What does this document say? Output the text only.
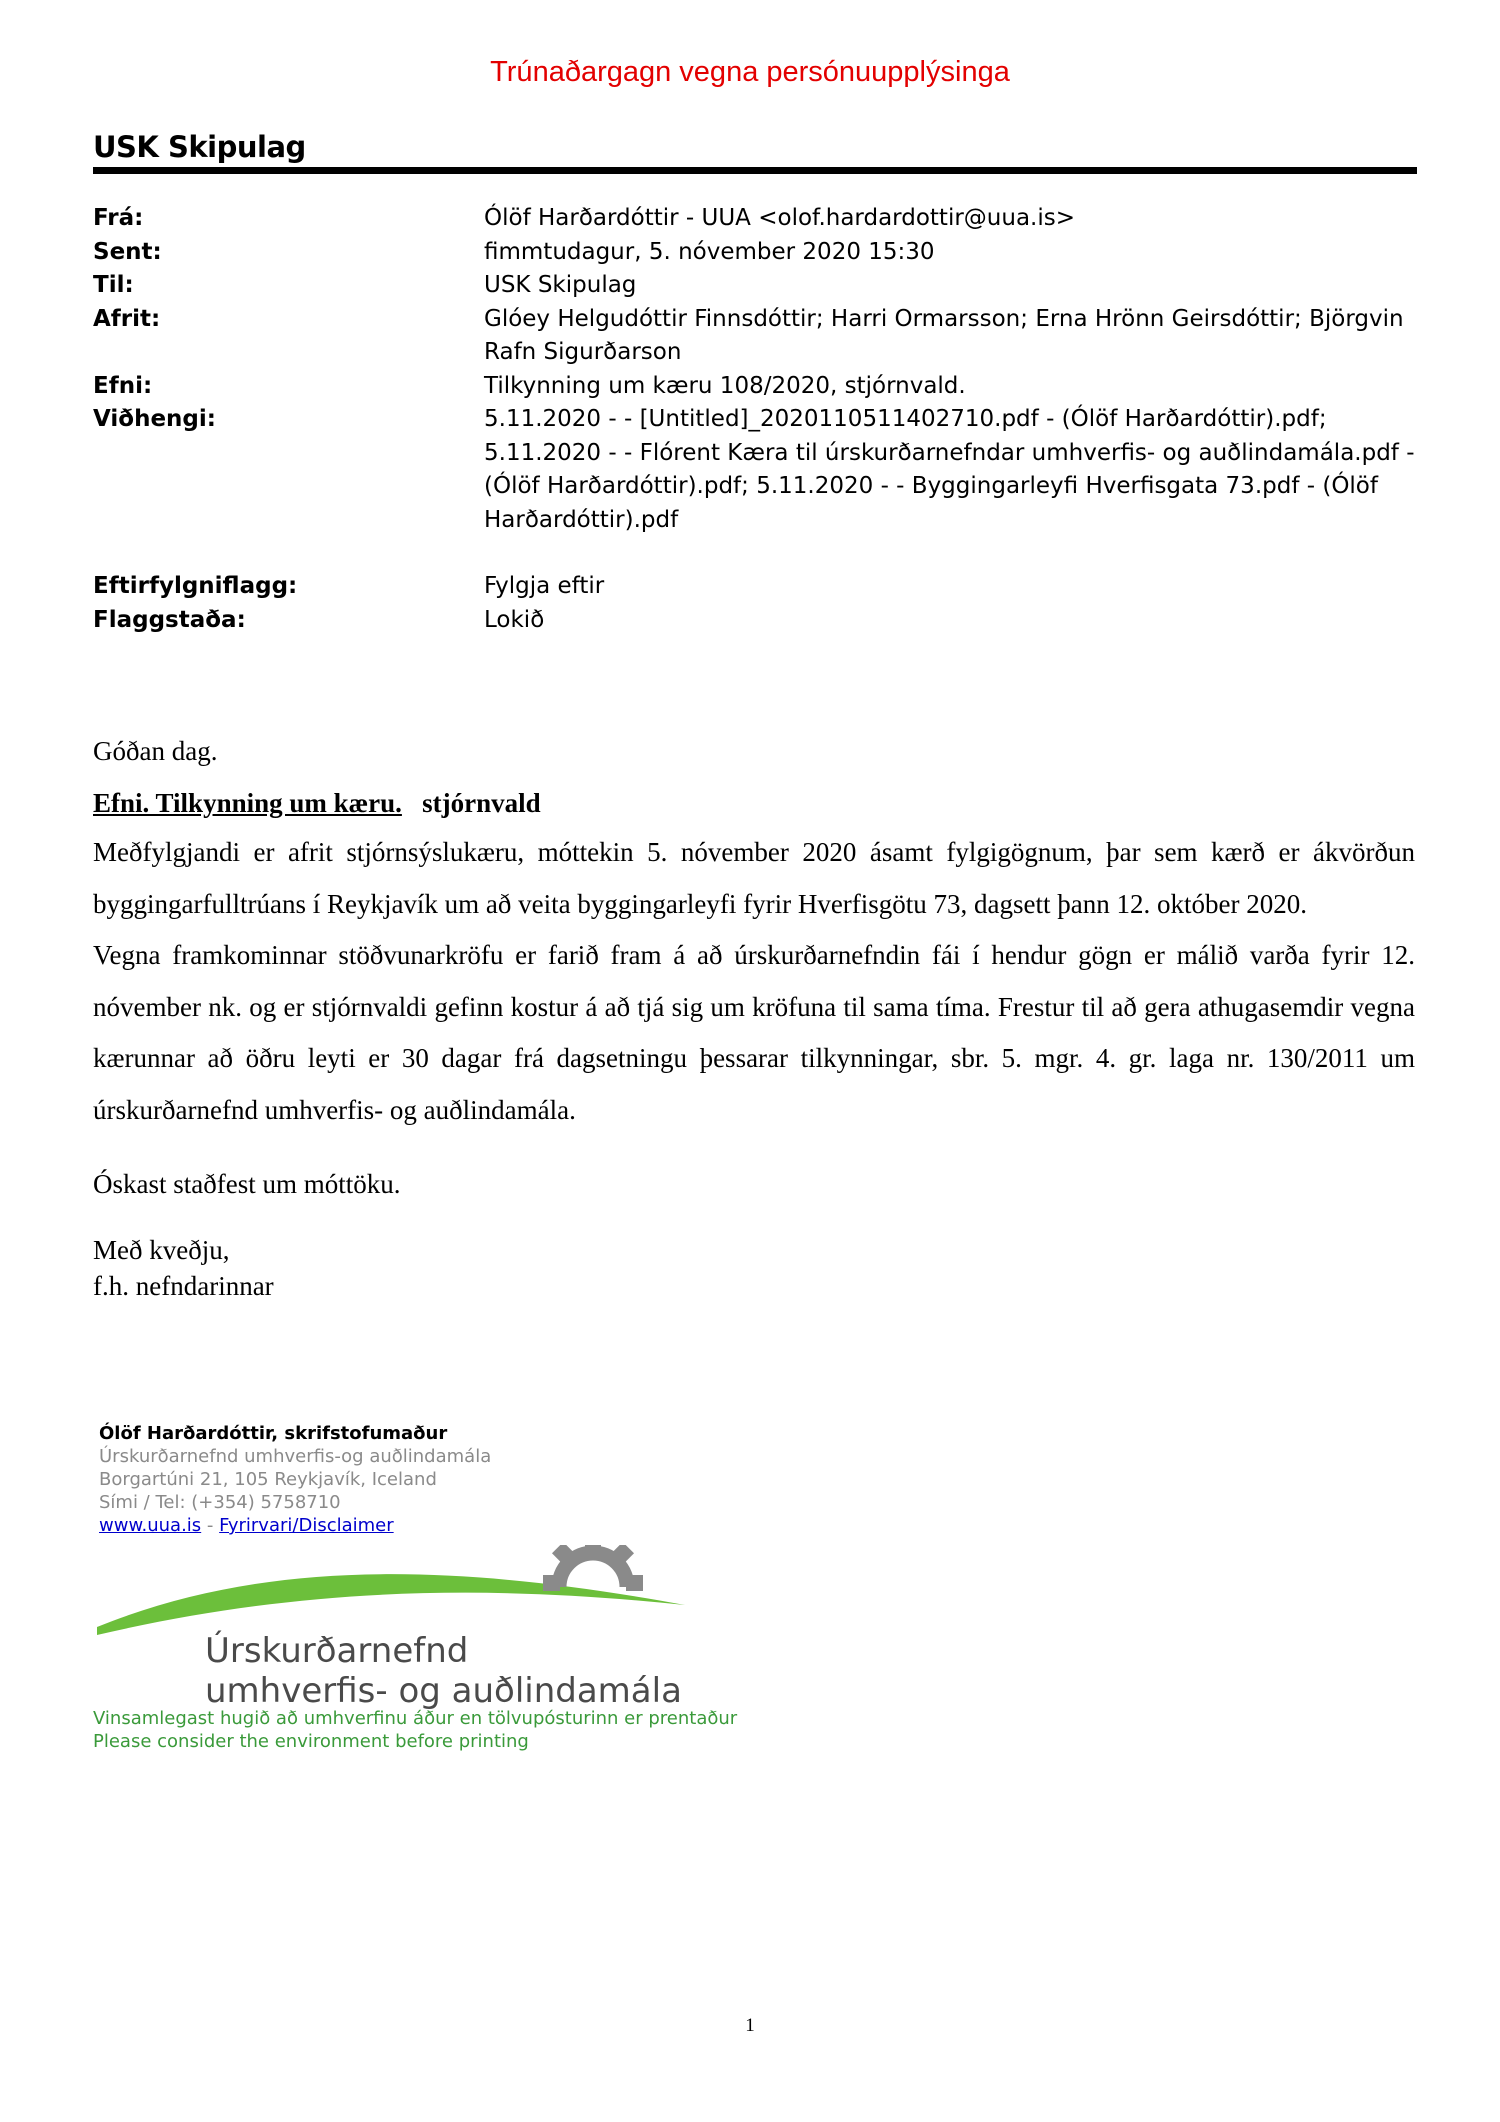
Trúnaðargagn vegna persónuupplýsinga
USK Skipulag
Frá:	Ólöf Harðardóttir - UUA <olof.hardardottir@uua.is>
Sent:	fimmtudagur, 5. nóvember 2020 15:30
Til:	USK Skipulag
Afrit:	Glóey Helgudóttir Finnsdóttir; Harri Ormarsson; Erna Hrönn Geirsdóttir; Björgvin Rafn Sigurðarson
Efni:	Tilkynning um kæru 108/2020, stjórnvald.
Viðhengi:	5.11.2020 - - [Untitled]_2020110511402710.pdf - (Ólöf Harðardóttir).pdf; 5.11.2020 - - Flórent Kæra til úrskurðarnefndar umhverfis- og auðlindamála.pdf - (Ólöf Harðardóttir).pdf; 5.11.2020 - - Byggingarleyfi Hverfisgata 73.pdf - (Ólöf Harðardóttir).pdf
Eftirfylgniflagg:	Fylgja eftir
Flaggstaða:	Lokið

Góðan dag.

Efni. Tilkynning um kæru. stjórnvald

Meðfylgjandi er afrit stjórnsýslukæru, móttekin 5. nóvember 2020 ásamt fylgigögnum, þar sem kærð er ákvörðun byggingarfulltrúans í Reykjavík um að veita byggingarleyfi fyrir Hverfisgötu 73, dagsett þann 12. október 2020.

Vegna framkominnar stöðvunarkröfu er farið fram á að úrskurðarnefndin fái í hendur gögn er málið varða fyrir 12. nóvember nk. og er stjórnvaldi gefinn kostur á að tjá sig um kröfuna til sama tíma. Frestur til að gera athugasemdir vegna kærunnar að öðru leyti er 30 dagar frá dagsetningu þessarar tilkynningar, sbr. 5. mgr. 4. gr. laga nr. 130/2011 um úrskurðarnefnd umhverfis- og auðlindamála.

Óskast staðfest um móttöku.

Með kveðju,

f.h. nefndarinnar

Ólöf Harðardóttir, skrifstofumaður
Úrskurðarnefnd umhverfis-og auðlindamála
Borgartúni 21, 105 Reykjavík, Iceland
Sími / Tel: (+354) 5758710
www.uua.is - Fyrirvari/Disclaimer
Úrskurðarnefnd
umhverfis- og auðlindamála
Vinsamlegast hugið að umhverfinu áður en tölvupósturinn er prentaður
Please consider the environment before printing
1
